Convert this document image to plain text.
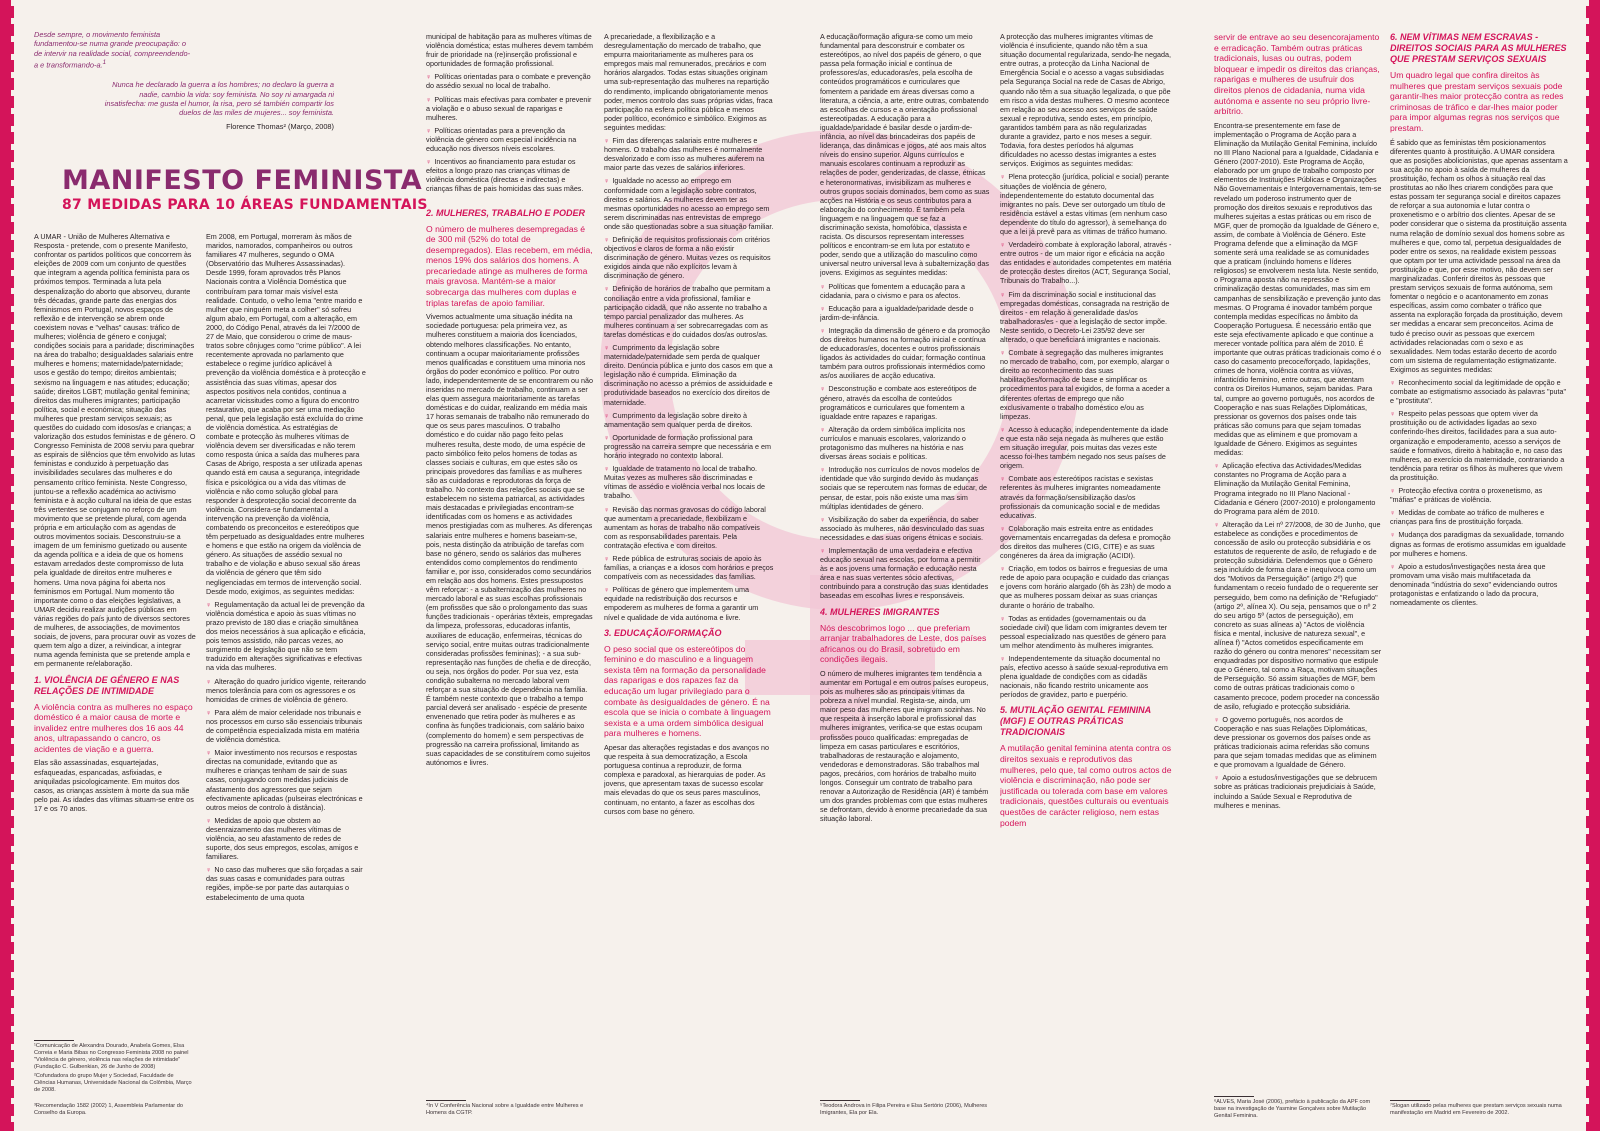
Desde sempre, o movimento feminista fundamentou-se numa grande preocupação: o de intervir na realidade social, compreendendo-a e transformando-a.$^1$

Nunca he declarado la guerra a los hombres; no declaro la guerra a nadie, cambio la vida: soy feminista. No soy ni amargada ni insatisfecha: me gusta el humor, la risa, pero sé también compartir los duelos de las miles de mujeres... soy feminista.

Florence Thomas² (Março, 2008)

MANIFESTO FEMINISTA
87 MEDIDAS PARA 10 ÁREAS FUNDAMENTAIS

A UMAR - União de Mulheres Alternativa e Resposta - pretende, com o presente Manifesto, confrontar os partidos políticos que concorrem às eleições de 2009 com um conjunto de questões que integram a agenda política feminista para os próximos tempos. Terminada a luta pela despenalização do aborto que absorveu, durante três décadas, grande parte das energias dos feminismos em Portugal, novos espaços de reflexão e de intervenção se abrem onde coexistem novas e "velhas" causas: tráfico de mulheres; violência de género e conjugal; condições sociais para a paridade; discriminações na área do trabalho; desigualdades salariais entre mulheres e homens; maternidade/paternidade; usos e gestão do tempo; direitos ambientais; sexismo na linguagem e nas atitudes; educação; saúde; direitos LGBT; mutilação genital feminina; direitos das mulheres imigrantes; participação política, social e económica; situação das mulheres que prestam serviços sexuais; as questões do cuidado com idosos/as e crianças; a valorização dos estudos feministas e de género. O Congresso Feminista de 2008 serviu para quebrar as espirais de silêncios que têm envolvido as lutas feministas e conduzido à perpetuação das invisibilidades seculares das mulheres e do pensamento crítico feminista. Neste Congresso, juntou-se a reflexão académica ao activismo feminista e à acção cultural na ideia de que estas três vertentes se conjugam no reforço de um movimento que se pretende plural, com agenda própria e em articulação com as agendas de outros movimentos sociais. Desconstruiu-se a imagem de um feminismo guetizado ou ausente da agenda política e a ideia de que os homens estavam arredados deste compromisso de luta pela igualdade de direitos entre mulheres e homens. Uma nova página foi aberta nos feminismos em Portugal. Num momento tão importante como o das eleições legislativas, a UMAR decidiu realizar audições públicas em várias regiões do país junto de diversos sectores de mulheres, de associações, de movimentos sociais, de jovens, para procurar ouvir as vozes de quem tem algo a dizer, a reivindicar, a integrar numa agenda feminista que se pretende ampla e em permanente re/elaboração.

1. VIOLÊNCIA DE GÉNERO E NAS RELAÇÕES DE INTIMIDADE

A violência contra as mulheres no espaço doméstico é a maior causa de morte e invalidez entre mulheres dos 16 aos 44 anos, ultrapassando o cancro, os acidentes de viação e a guerra.

Elas são assassinadas, esquartejadas, esfaqueadas, espancadas, asfixiadas, e aniquiladas psicologicamente. Em muitos dos casos, as crianças assistem à morte da sua mãe pelo pai. As idades das vítimas situam-se entre os 17 e os 70 anos.

Em 2008, em Portugal, morreram às mãos de maridos, namorados, companheiros ou outros familiares 47 mulheres, segundo o OMA (Observatório das Mulheres Assassinadas). Desde 1999, foram aprovados três Planos Nacionais contra a Violência Doméstica que contribuíram para tornar mais visível esta realidade. Contudo, o velho lema "entre marido e mulher que ninguém meta a colher" só sofreu algum abalo, em Portugal, com a alteração, em 2000, do Código Penal, através da lei 7/2000 de 27 de Maio, que considerou o crime de maus-tratos sobre cônjuges como "crime público". A lei recentemente aprovada no parlamento que estabelece o regime jurídico aplicável à prevenção da violência doméstica e à protecção e assistência das suas vítimas, apesar dos aspectos positivos nela contidos, continua a acarretar vicissitudes como a figura do encontro restaurativo, que acaba por ser uma mediação penal, que pela legislação está excluída do crime de violência doméstica. As estratégias de combate e protecção às mulheres vítimas de violência devem ser diversificadas e não terem como resposta única a saída das mulheres para Casas de Abrigo, resposta a ser utilizada apenas quando está em causa a segurança, integridade física e psicológica ou a vida das vítimas de violência e não como solução global para responder à desprotecção social decorrente da violência. Considera-se fundamental a intervenção na prevenção da violência, combatendo os preconceitos e estereótipos que têm perpetuado as desigualdades entre mulheres e homens e que estão na origem da violência de género. As situações de assédio sexual no trabalho e de violação e abuso sexual são áreas da violência de género que têm sido negligenciadas em termos de intervenção social. Desde modo, exigimos, as seguintes medidas:

♀ Regulamentação da actual lei de prevenção da violência doméstica e apoio às suas vítimas no prazo previsto de 180 dias e criação simultânea dos meios necessários à sua aplicação e eficácia, pois temos assistido, não parcas vezes, ao surgimento de legislação que não se tem traduzido em alterações significativas e efectivas na vida das mulheres.

♀ Alteração do quadro jurídico vigente, reiterando menos tolerância para com os agressores e os homicidas de crimes de violência de género.

♀ Para além de maior celeridade nos tribunais e nos processos em curso são essenciais tribunais de competência especializada mista em matéria de violência doméstica.

♀ Maior investimento nos recursos e respostas directas na comunidade, evitando que as mulheres e crianças tenham de sair de suas casas, conjugando com medidas judiciais de afastamento dos agressores que sejam efectivamente aplicadas (pulseiras electrónicas e outros meios de controlo à distância).

♀ Medidas de apoio que obstem ao desenraizamento das mulheres vítimas de violência, ao seu afastamento de redes de suporte, dos seus empregos, escolas, amigos e familiares.

♀ No caso das mulheres que são forçadas a sair das suas casas e comunidades para outras regiões, impõe-se por parte das autarquias o estabelecimento de uma quota

municipal de habitação para as mulheres vítimas de violência doméstica; estas mulheres devem também fruir de prioridade na (re)inserção profissional e oportunidades de formação profissional.

♀ Políticas orientadas para o combate e prevenção do assédio sexual no local de trabalho.

♀ Políticas mais efectivas para combater e prevenir a violação e o abuso sexual de raparigas e mulheres.

♀ Políticas orientadas para a prevenção da violência de género com especial incidência na educação nos diversos níveis escolares.

♀ Incentivos ao financiamento para estudar os efeitos a longo prazo nas crianças vítimas de violência doméstica (directas e indirectas) e crianças filhas de pais homicidas das suas mães.

2. MULHERES, TRABALHO E PODER

O número de mulheres desempregadas é de 300 mil (52% do total de desempregados). Elas recebem, em média, menos 19% dos salários dos homens. A precariedade atinge as mulheres de forma mais gravosa. Mantém-se a maior sobrecarga das mulheres com duplas e triplas tarefas de apoio familiar.

Vivemos actualmente uma situação inédita na sociedade portuguesa: pela primeira vez, as mulheres constituem a maioria dos licenciados, obtendo melhores classificações. No entanto, continuam a ocupar maioritariamente profissões menos qualificadas e constituem uma minoria nos órgãos do poder económico e político. Por outro lado, independentemente de se encontrarem ou não inseridas no mercado de trabalho, continuam a ser elas quem assegura maioritariamente as tarefas domésticas e do cuidar, realizando em média mais 17 horas semanais de trabalho não remunerado do que os seus pares masculinos. O trabalho doméstico e do cuidar não pago feito pelas mulheres resulta, deste modo, de uma espécie de pacto simbólico feito pelos homens de todas as classes sociais e culturas, em que estes são os principais provedores das famílias e as mulheres são as cuidadoras e reprodutoras da força de trabalho. No contexto das relações sociais que se estabelecem no sistema patriarcal, as actividades mais destacadas e privilegiadas encontram-se identificadas com os homens e as actividades menos prestigiadas com as mulheres. As diferenças salariais entre mulheres e homens baseiam-se, pois, nesta distinção da atribuição de tarefas com base no género, sendo os salários das mulheres entendidos como complementos do rendimento familiar e, por isso, considerados como secundários em relação aos dos homens. Estes pressupostos vêm reforçar: - a subalternização das mulheres no mercado laboral e as suas escolhas profissionais (em profissões que são o prolongamento das suas funções tradicionais - operárias têxteis, empregadas da limpeza, professoras, educadoras infantis, auxiliares de educação, enfermeiras, técnicas do serviço social, entre muitas outras tradicionalmente consideradas profissões femininas); - a sua sub-representação nas funções de chefia e de direcção, ou seja, nos órgãos do poder. Por sua vez, esta condição subalterna no mercado laboral vem reforçar a sua situação de dependência na família. É também neste contexto que o trabalho a tempo parcial deverá ser analisado - espécie de presente envenenado que retira poder às mulheres e as confina às funções tradicionais, com salário baixo (complemento do homem) e sem perspectivas de progressão na carreira profissional, limitando as suas capacidades de se constituírem como sujeitos autónomos e livres.

A precariedade, a flexibilização e a desregulamentação do mercado de trabalho, que empurra maioritariamente as mulheres para os empregos mais mal remunerados, precários e com horários alargados. Todas estas situações originam uma sub-representação das mulheres na repartição do rendimento, implicando obrigatoriamente menos poder, menos controlo das suas próprias vidas, fraca participação na esfera política pública e menos poder político, económico e simbólico. Exigimos as seguintes medidas:

♀ Fim das diferenças salariais entre mulheres e homens. O trabalho das mulheres é normalmente desvalorizado e com isso as mulheres auferem na maior parte das vezes de salários inferiores.

♀ Igualdade no acesso ao emprego em conformidade com a legislação sobre contratos, direitos e salários. As mulheres devem ter as mesmas oportunidades no acesso ao emprego sem serem discriminadas nas entrevistas de emprego onde são questionadas sobre a sua situação familiar.

♀ Definição de requisitos profissionais com critérios objectivos e claros de forma a não existir discriminação de género. Muitas vezes os requisitos exigidos ainda que não explícitos levam à discriminação de género.

♀ Definição de horários de trabalho que permitam a conciliação entre a vida profissional, familiar e participação cidadã, que não assente no trabalho a tempo parcial penalizador das mulheres. As mulheres continuam a ser sobrecarregadas com as tarefas domésticas e do cuidados dos/as outros/as.

♀ Cumprimento da legislação sobre maternidade/paternidade sem perda de qualquer direito. Denúncia pública e junto dos casos em que a legislação não é cumprida. Eliminação da discriminação no acesso a prémios de assiduidade e produtividade baseados no exercício dos direitos de maternidade.

♀ Cumprimento da legislação sobre direito à amamentação sem qualquer perda de direitos.

♀ Oportunidade de formação profissional para progressão na carreira sempre que necessária e em horário integrado no contexto laboral.

♀ Igualdade de tratamento no local de trabalho. Muitas vezes as mulheres são discriminadas e vítimas de assédio e violência verbal nos locais de trabalho.

♀ Revisão das normas gravosas do código laboral que aumentam a precariedade, flexibilizam e aumentam as horas de trabalho não compatíveis com as responsabilidades parentais. Pela contratação efectiva e com direitos.

♀ Rede pública de estruturas sociais de apoio às famílias, a crianças e a idosos com horários e preços compatíveis com as necessidades das famílias.

♀ Políticas de género que implementem uma equidade na redistribuição dos recursos e empoderem as mulheres de forma a garantir um nível e qualidade de vida autónoma e livre.

3. EDUCAÇÃO/FORMAÇÃO

O peso social que os estereótipos do feminino e do masculino e a linguagem sexista têm na formação da personalidade das raparigas e dos rapazes faz da educação um lugar privilegiado para o combate às desigualdades de género. É na escola que se inicia o combate à linguagem sexista e a uma ordem simbólica desigual para mulheres e homens.

Apesar das alterações registadas e dos avanços no que respeita à sua democratização, a Escola portuguesa continua a reproduzir, de forma complexa e paradoxal, as hierarquias de poder. As jovens, que apresentam taxas de sucesso escolar mais elevadas do que os seus pares masculinos, continuam, no entanto, a fazer as escolhas dos cursos com base no género.

A educação/formação afigura-se como um meio fundamental para desconstruir e combater os estereótipos, ao nível dos papéis de género, o que passa pela formação inicial e contínua de professores/as, educadoras/es, pela escolha de conteúdos programáticos e curriculares que fomentem a paridade em áreas diversas como a literatura, a ciência, a arte, entre outras, combatendo as escolhas de cursos e a orientação profissional estereotipadas. A educação para a igualdade/paridade é basilar desde o jardim-de-infância, ao nível das brincadeiras dos papéis de liderança, das dinâmicas e jogos, até aos mais altos níveis do ensino superior. Alguns currículos e manuais escolares continuam a reproduzir as relações de poder, genderizadas, de classe, étnicas e heteronormativas, invisibilizam as mulheres e outros grupos sociais dominados, bem como as suas acções na História e os seus contributos para a elaboração do conhecimento. É também pela linguagem e na linguagem que se faz a discriminação sexista, homofóbica, classista e racista. Os discursos representam interesses políticos e encontram-se em luta por estatuto e poder, sendo que a utilização do masculino como universal neutro universal leva à subalternização das jovens. Exigimos as seguintes medidas:

♀ Políticas que fomentem a educação para a cidadania, para o civismo e para os afectos.

♀ Educação para a igualdade/paridade desde o jardim-de-infância.

♀ Integração da dimensão de género e da promoção dos direitos humanos na formação inicial e contínua de educadoras/es, docentes e outros profissionais ligados às actividades do cuidar; formação contínua também para outros profissionais intermédios como as/os auxiliares de acção educativa.

♀ Desconstrução e combate aos estereótipos de género, através da escolha de conteúdos programáticos e curriculares que fomentem a igualdade entre rapazes e raparigas.

♀ Alteração da ordem simbólica implícita nos currículos e manuais escolares, valorizando o protagonismo das mulheres na história e nas diversas áreas sociais e políticas.

♀ Introdução nos currículos de novos modelos de identidade que vão surgindo devido às mudanças sociais que se repercutem nas formas de educar, de pensar, de estar, pois não existe uma mas sim múltiplas identidades de género.

♀ Visibilização do saber da experiência, do saber associado às mulheres, não desvinculado das suas necessidades e das suas origens étnicas e sociais.

♀ Implementação de uma verdadeira e efectiva educação sexual nas escolas, por forma a permitir às e aos jovens uma formação e educação nesta área e nas suas vertentes sócio afectivas, contribuindo para a construção das suas identidades baseadas em escolhas livres e responsáveis.

4. MULHERES IMIGRANTES

Nós descobrimos logo ... que preferiam arranjar trabalhadores de Leste, dos países africanos ou do Brasil, sobretudo em condições ilegais.

O número de mulheres imigrantes tem tendência a aumentar em Portugal e em outros países europeus, pois as mulheres são as principais vítimas da pobreza a nível mundial. Regista-se, ainda, um maior peso das mulheres que imigram sozinhas. No que respeita à inserção laboral e profissional das mulheres imigrantes, verifica-se que estas ocupam profissões pouco qualificadas: empregadas de limpeza em casas particulares e escritórios, trabalhadoras de restauração e alojamento, vendedoras e demonstradoras. São trabalhos mal pagos, precários, com horários de trabalho muito longos. Conseguir um contrato de trabalho para renovar a Autorização de Residência (AR) é também um dos grandes problemas com que estas mulheres se defrontam, devido à enorme precariedade da sua situação laboral.

A protecção das mulheres imigrantes vítimas de violência é insuficiente, quando não têm a sua situação documental regularizada, sendo-lhe negada, entre outras, a protecção da Linha Nacional de Emergência Social e o acesso a vagas subsidiadas pela Segurança Social na rede de Casas de Abrigo, quando não têm a sua situação legalizada, o que põe em risco a vida destas mulheres. O mesmo acontece em relação ao seu acesso aos serviços de saúde sexual e reprodutiva, sendo estes, em princípio, garantidos também para as não regularizadas durante a gravidez, parto e nos meses a seguir. Todavia, fora destes períodos há algumas dificuldades no acesso destas imigrantes a estes serviços. Exigimos as seguintes medidas:

♀ Plena protecção (jurídica, policial e social) perante situações de violência de género, independentemente do estatuto documental das imigrantes no país. Deve ser outorgado um título de residência estável a estas vítimas (em nenhum caso dependente do título do agressor), à semelhança do que a lei já prevê para as vítimas de tráfico humano.

♀ Verdadeiro combate à exploração laboral, através - entre outros - de um maior rigor e eficácia na acção das entidades e autoridades competentes em matéria de protecção destes direitos (ACT, Segurança Social, Tribunais do Trabalho...).

♀ Fim da discriminação social e institucional das empregadas domésticas, consagrada na restrição de direitos - em relação à generalidade das/os trabalhadoras/es - que a legislação de sector impõe. Neste sentido, o Decreto-Lei 235/92 deve ser alterado, o que beneficiará imigrantes e nacionais.

♀ Combate à segregação das mulheres imigrantes no mercado de trabalho, com, por exemplo, alargar o direito ao reconhecimento das suas habilitações/formação de base e simplificar os procedimentos para tal exigidos, de forma a aceder a diferentes ofertas de emprego que não exclusivamente o trabalho doméstico e/ou as limpezas.

♀ Acesso à educação, independentemente da idade e que esta não seja negada às mulheres que estão em situação irregular, pois muitas das vezes este acesso foi-lhes também negado nos seus países de origem.

♀ Combate aos estereótipos racistas e sexistas referentes às mulheres imigrantes nomeadamente através da formação/sensibilização das/os profissionais da comunicação social e de medidas educativas.

♀ Colaboração mais estreita entre as entidades governamentais encarregadas da defesa e promoção dos direitos das mulheres (CIG, CITE) e as suas congéneres da área da imigração (ACIDI).

♀ Criação, em todos os bairros e freguesias de uma rede de apoio para ocupação e cuidado das crianças e jovens com horário alargado (6h às 23h) de modo a que as mulheres possam deixar as suas crianças durante o horário de trabalho.

♀ Todas as entidades (governamentais ou da sociedade civil) que lidam com imigrantes devem ter pessoal especializado nas questões de género para um melhor atendimento às mulheres imigrantes.

♀ Independentemente da situação documental no país, efectivo acesso à saúde sexual-reprodutiva em plena igualdade de condições com as cidadãs nacionais, não ficando restrito unicamente aos períodos de gravidez, parto e puerpério.

5. MUTILAÇÃO GENITAL FEMININA (MGF) E OUTRAS PRÁTICAS TRADICIONAIS

A mutilação genital feminina atenta contra os direitos sexuais e reprodutivos das mulheres, pelo que, tal como outros actos de violência e discriminação, não pode ser justificada ou tolerada com base em valores tradicionais, questões culturais ou eventuais questões de carácter religioso, nem estas podem

servir de entrave ao seu desencorajamento e erradicação. Também outras práticas tradicionais, lusas ou outras, podem bloquear e impedir os direitos das crianças, raparigas e mulheres de usufruir dos direitos plenos de cidadania, numa vida autónoma e assente no seu próprio livre-arbítrio.

Encontra-se presentemente em fase de implementação o Programa de Acção para a Eliminação da Mutilação Genital Feminina, incluído no III Plano Nacional para a Igualdade, Cidadania e Género (2007-2010). Este Programa de Acção, elaborado por um grupo de trabalho composto por elementos de Instituições Públicas e Organizações Não Governamentais e Intergovernamentais, tem-se revelado um poderoso instrumento quer de promoção dos direitos sexuais e reprodutivos das mulheres sujeitas a estas práticas ou em risco de MGF, quer de promoção da Igualdade de Género e, assim, de combate à Violência de Género. Este Programa defende que a eliminação da MGF somente será uma realidade se as comunidades que a praticam (incluindo homens e líderes religiosos) se envolverem nesta luta. Neste sentido, o Programa aposta não na repressão e criminalização destas comunidades, mas sim em campanhas de sensibilização e prevenção junto das mesmas. O Programa é inovador também porque contempla medidas específicas no âmbito da Cooperação Portuguesa. É necessário então que este seja efectivamente aplicado e que continue a merecer vontade política para além de 2010. É importante que outras práticas tradicionais como é o caso do casamento precoce/forçado, lapidações, crimes de honra, violência contra as viúvas, infanticídio feminino, entre outras, que atentam contra os Direitos Humanos, sejam banidas. Para tal, cumpre ao governo português, nos acordos de Cooperação e nas suas Relações Diplomáticas, pressionar os governos dos países onde tais práticas são comuns para que sejam tomadas medidas que as eliminem e que promovam a Igualdade de Género. Exigimos as seguintes medidas:

♀ Aplicação efectiva das Actividades/Medidas constantes no Programa de Acção para a Eliminação da Mutilação Genital Feminina, Programa integrado no III Plano Nacional - Cidadania e Género (2007-2010) e prolongamento do Programa para além de 2010.

♀ Alteração da Lei nº 27/2008, de 30 de Junho, que estabelece as condições e procedimentos de concessão de asilo ou protecção subsidiária e os estatutos de requerente de asilo, de refugiado e de protecção subsidiária. Defendemos que o Género seja incluído de forma clara e inequívoca como um dos "Motivos da Perseguição" (artigo 2º) que fundamentam o receio fundado de o requerente ser perseguido, bem como na definição de "Refugiado" (artigo 2º, alínea X). Ou seja, pensamos que o nº 2 do seu artigo 5º (actos de perseguição), em concreto as suas alíneas a) "Actos de violência física e mental, inclusive de natureza sexual", e alínea f) "Actos cometidos especificamente em razão do género ou contra menores" necessitam ser enquadradas por dispositivo normativo que estipule que o Género, tal como a Raça, motivam situações de Perseguição. Só assim situações de MGF, bem como de outras práticas tradicionais como o casamento precoce, podem proceder na concessão de asilo, refugiado e protecção subsidiária.

♀ O governo português, nos acordos de Cooperação e nas suas Relações Diplomáticas, deve pressionar os governos dos países onde as práticas tradicionais acima referidas são comuns para que sejam tomadas medidas que as eliminem e que promovam a Igualdade de Género.

♀ Apoio a estudos/investigações que se debrucem sobre as práticas tradicionais prejudiciais à Saúde, incluindo a Saúde Sexual e Reprodutiva de mulheres e meninas.

6. NEM VÍTIMAS NEM ESCRAVAS -DIREITOS SOCIAIS PARA AS MULHERES QUE PRESTAM SERVIÇOS SEXUAIS

Um quadro legal que confira direitos às mulheres que prestam serviços sexuais pode garantir-lhes maior protecção contra as redes criminosas de tráfico e dar-lhes maior poder para impor algumas regras nos serviços que prestam.

É sabido que as feministas têm posicionamentos diferentes quanto à prostituição. A UMAR considera que as posições abolicionistas, que apenas assentam a sua acção no apoio à saída de mulheres da prostituição, fecham os olhos à situação real das prostitutas ao não lhes criarem condições para que estas possam ter segurança social e direitos capazes de reforçar a sua autonomia e lutar contra o proxenetismo e o arbítrio dos clientes. Apesar de se poder considerar que o sistema da prostituição assenta numa relação de domínio sexual dos homens sobre as mulheres e que, como tal, perpetua desigualdades de poder entre os sexos, na realidade existem pessoas que optam por ter uma actividade pessoal na área da prostituição e que, por esse motivo, não devem ser marginalizadas. Conferir direitos às pessoas que prestam serviços sexuais de forma autónoma, sem fomentar o negócio e o acantonamento em zonas específicas, assim como combater o tráfico que assenta na exploração forçada da prostituição, devem ser medidas a encarar sem preconceitos. Acima de tudo é preciso ouvir as pessoas que exercem actividades relacionadas com o sexo e as sexualidades. Nem todas estarão decerto de acordo com um sistema de regulamentação estigmatizante. Exigimos as seguintes medidas:

♀ Reconhecimento social da legitimidade de opção e combate ao estigmatismo associado às palavras "puta" e "prostituta".

♀ Respeito pelas pessoas que optem viver da prostituição ou de actividades ligadas ao sexo conferindo-lhes direitos, facilidades para a sua auto-organização e empoderamento, acesso a serviços de saúde e formativos, direito à habitação e, no caso das mulheres, ao exercício da maternidade, contrariando a tendência para retirar os filhos às mulheres que vivem da prostituição.

♀ Protecção efectiva contra o proxenetismo, as "máfias" e práticas de violência.

♀ Medidas de combate ao tráfico de mulheres e crianças para fins de prostituição forçada.

♀ Mudança dos paradigmas da sexualidade, tornando dignas as formas de erotismo assumidas em igualdade por mulheres e homens.

♀ Apoio a estudos/investigações nesta área que promovam uma visão mais multifacetada da denominada "indústria do sexo" evidenciando outros protagonistas e enfatizando o lado da procura, nomeadamente os clientes.

¹Comunicação de Alexandra Dourado, Anabela Gomes, Elsa Correia e Maria Bibas no Congresso Feminista 2008 no painel "Violência de género, violência nas relações de intimidade" (Fundação C. Gulbenkian, 26 de Junho de 2008)

²Cofundadora do grupo Mujer y Sociedad, Faculdade de Ciências Humanas, Universidade Nacional da Colômbia, Março de 2008.

³Recomendação 1582 (2002) 1, Assembleia Parlamentar do Conselho da Europa.

⁴In V Conferência Nacional sobre a Igualdade entre Mulheres e Homens da CGTP.

⁵Teodora Androva in Filipa Pereira e Elsa Sertório (2006), Mulheres Imigrantes, Ela por Ela.

⁶ALVES, Maria José (2006), prefácio à publicação da APF com base na investigação de Yasmine Gonçalves sobre Mutilação Genital Feminina.

⁷Slogan utilizado pelas mulheres que prestam serviços sexuais numa manifestação em Madrid em Fevereiro de 2002.
